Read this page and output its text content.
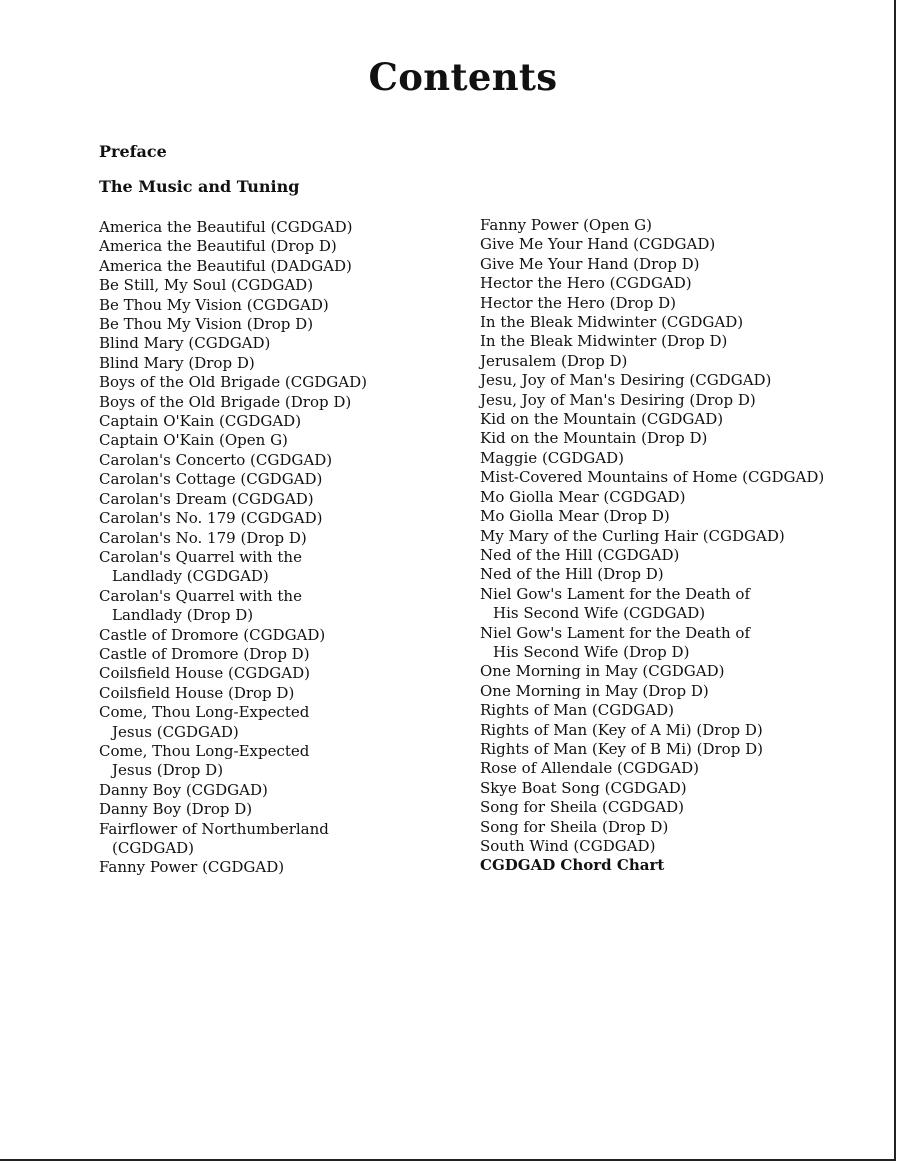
Contents
Preface
The Music and Tuning
America the Beautiful (CGDGAD)
America the Beautiful (Drop D)
America the Beautiful (DADGAD)
Be Still, My Soul (CGDGAD)
Be Thou My Vision (CGDGAD)
Be Thou My Vision (Drop D)
Blind Mary (CGDGAD)
Blind Mary (Drop D)
Boys of the Old Brigade (CGDGAD)
Boys of the Old Brigade (Drop D)
Captain O'Kain (CGDGAD)
Captain O'Kain (Open G)
Carolan's Concerto (CGDGAD)
Carolan's Cottage (CGDGAD)
Carolan's Dream (CGDGAD)
Carolan's No. 179 (CGDGAD)
Carolan's No. 179 (Drop D)
Carolan's Quarrel with the
Landlady (CGDGAD)
Carolan's Quarrel with the
Landlady (Drop D)
Castle of Dromore (CGDGAD)
Castle of Dromore (Drop D)
Coilsfield House (CGDGAD)
Coilsfield House (Drop D)
Come, Thou Long-Expected
Jesus (CGDGAD)
Come, Thou Long-Expected
Jesus (Drop D)
Danny Boy (CGDGAD)
Danny Boy (Drop D)
Fairflower of Northumberland
(CGDGAD)
Fanny Power (CGDGAD)
Fanny Power (Open G)
Give Me Your Hand (CGDGAD)
Give Me Your Hand (Drop D)
Hector the Hero (CGDGAD)
Hector the Hero (Drop D)
In the Bleak Midwinter (CGDGAD)
In the Bleak Midwinter (Drop D)
Jerusalem (Drop D)
Jesu, Joy of Man's Desiring (CGDGAD)
Jesu, Joy of Man's Desiring (Drop D)
Kid on the Mountain (CGDGAD)
Kid on the Mountain (Drop D)
Maggie (CGDGAD)
Mist-Covered Mountains of Home (CGDGAD)
Mo Giolla Mear (CGDGAD)
Mo Giolla Mear (Drop D)
My Mary of the Curling Hair (CGDGAD)
Ned of the Hill (CGDGAD)
Ned of the Hill (Drop D)
Niel Gow's Lament for the Death of
His Second Wife (CGDGAD)
Niel Gow's Lament for the Death of
His Second Wife (Drop D)
One Morning in May (CGDGAD)
One Morning in May (Drop D)
Rights of Man (CGDGAD)
Rights of Man (Key of A Mi) (Drop D)
Rights of Man (Key of B Mi) (Drop D)
Rose of Allendale (CGDGAD)
Skye Boat Song (CGDGAD)
Song for Sheila (CGDGAD)
Song for Sheila (Drop D)
South Wind (CGDGAD)
CGDGAD Chord Chart
